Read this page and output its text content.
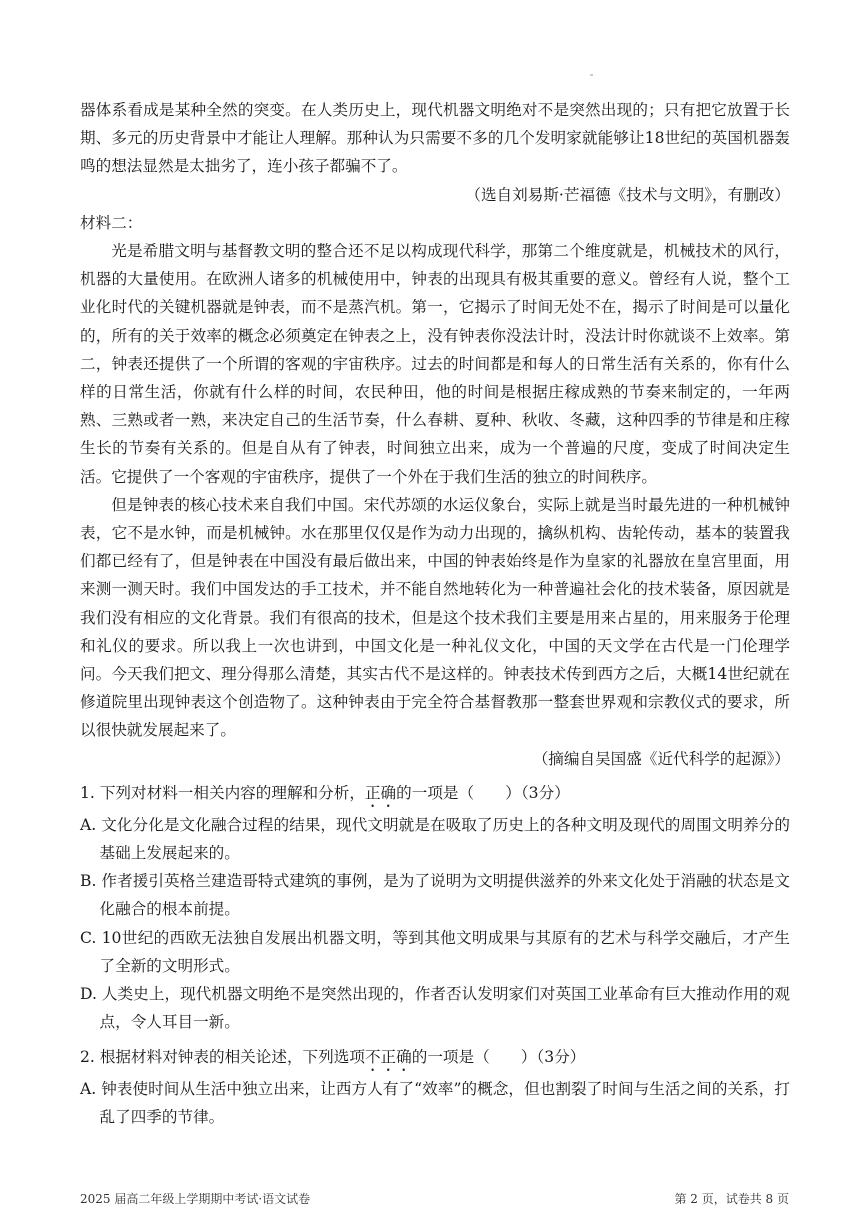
器体系看成是某种全然的突变。在人类历史上，现代机器文明绝对不是突然出现的；只有把它放置于长期、多元的历史背景中才能让人理解。那种认为只需要不多的几个发明家就能够让18世纪的英国机器轰鸣的想法显然是太拙劣了，连小孩子都骗不了。

（选自刘易斯·芒福德《技术与文明》，有删改）

材料二：

光是希腊文明与基督教文明的整合还不足以构成现代科学，那第二个维度就是，机械技术的风行，机器的大量使用。在欧洲人诸多的机械使用中，钟表的出现具有极其重要的意义。曾经有人说，整个工业化时代的关键机器就是钟表，而不是蒸汽机。第一，它揭示了时间无处不在，揭示了时间是可以量化的，所有的关于效率的概念必须奠定在钟表之上，没有钟表你没法计时，没法计时你就谈不上效率。第二，钟表还提供了一个所谓的客观的宇宙秩序。过去的时间都是和每人的日常生活有关系的，你有什么样的日常生活，你就有什么样的时间，农民种田，他的时间是根据庄稼成熟的节奏来制定的，一年两熟、三熟或者一熟，来决定自己的生活节奏，什么春耕、夏种、秋收、冬藏，这种四季的节律是和庄稼生长的节奏有关系的。但是自从有了钟表，时间独立出来，成为一个普遍的尺度，变成了时间决定生活。它提供了一个客观的宇宙秩序，提供了一个外在于我们生活的独立的时间秩序。

但是钟表的核心技术来自我们中国。宋代苏颂的水运仪象台，实际上就是当时最先进的一种机械钟表，它不是水钟，而是机械钟。水在那里仅仅是作为动力出现的，擒纵机构、齿轮传动，基本的装置我们都已经有了，但是钟表在中国没有最后做出来，中国的钟表始终是作为皇家的礼器放在皇宫里面，用来测一测天时。我们中国发达的手工技术，并不能自然地转化为一种普遍社会化的技术装备，原因就是我们没有相应的文化背景。我们有很高的技术，但是这个技术我们主要是用来占星的，用来服务于伦理和礼仪的要求。所以我上一次也讲到，中国文化是一种礼仪文化，中国的天文学在古代是一门伦理学问。今天我们把文、理分得那么清楚，其实古代不是这样的。钟表技术传到西方之后，大概14世纪就在修道院里出现钟表这个创造物了。这种钟表由于完全符合基督教那一整套世界观和宗教仪式的要求，所以很快就发展起来了。

（摘编自吴国盛《近代科学的起源》）

1. 下列对材料一相关内容的理解和分析，正确的一项是（　　）（3分）

A. 文化分化是文化融合过程的结果，现代文明就是在吸取了历史上的各种文明及现代的周围文明养分的基础上发展起来的。

B. 作者援引英格兰建造哥特式建筑的事例，是为了说明为文明提供滋养的外来文化处于消融的状态是文化融合的根本前提。

C. 10世纪的西欧无法独自发展出机器文明，等到其他文明成果与其原有的艺术与科学交融后，才产生了全新的文明形式。

D. 人类史上，现代机器文明绝不是突然出现的，作者否认发明家们对英国工业革命有巨大推动作用的观点，令人耳目一新。

2. 根据材料对钟表的相关论述，下列选项不正确的一项是（　　）（3分）

A. 钟表使时间从生活中独立出来，让西方人有了“效率”的概念，但也割裂了时间与生活之间的关系，打乱了四季的节律。

2025 届高二年级上学期期中考试·语文试卷	第 2 页，试卷共 8 页
